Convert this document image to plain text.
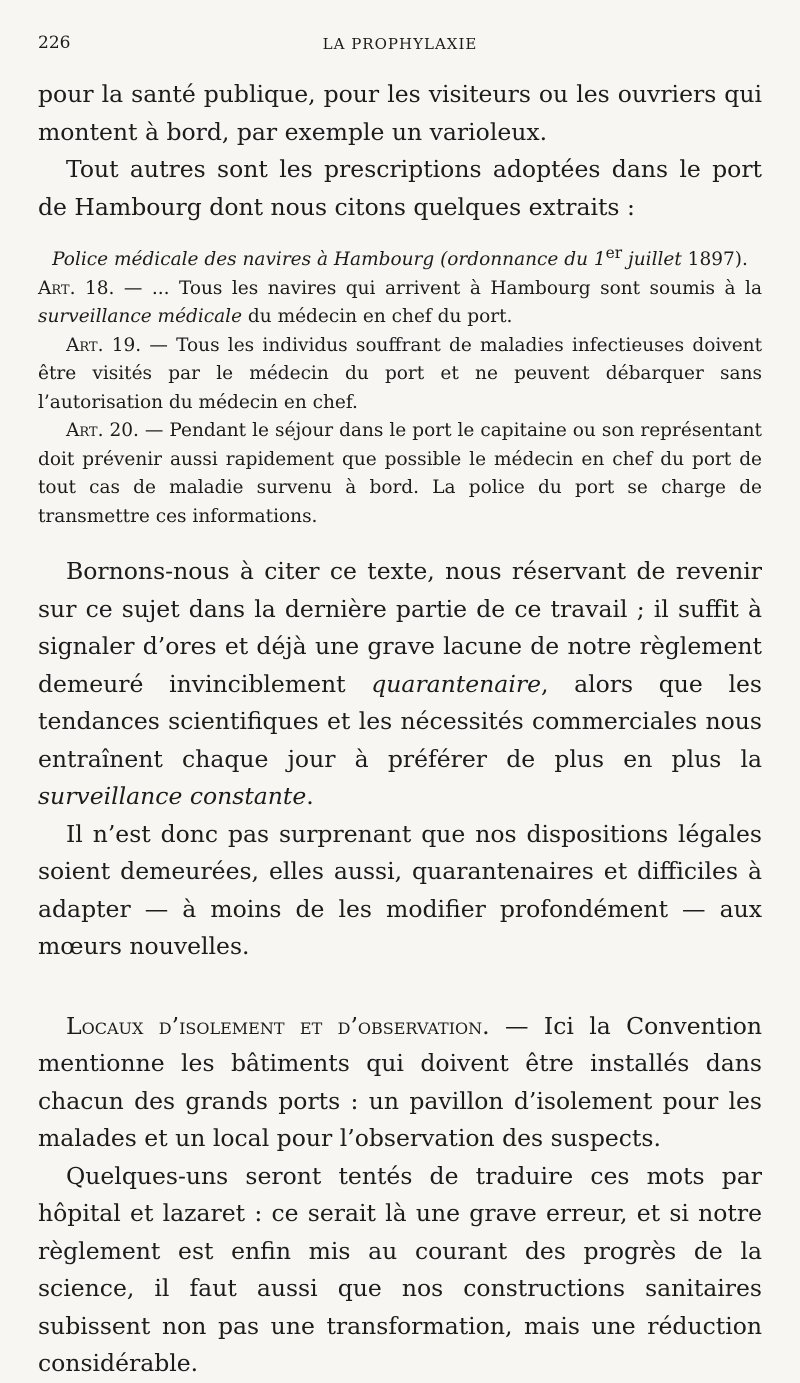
226	LA PROPHYLAXIE

pour la santé publique, pour les visiteurs ou les ouvriers qui montent à bord, par exemple un varioleux.

Tout autres sont les prescriptions adoptées dans le port de Hambourg dont nous citons quelques extraits :

Police médicale des navires à Hambourg (ordonnance du 1er juillet 1897).

Art. 18. — ... Tous les navires qui arrivent à Hambourg sont soumis à la surveillance médicale du médecin en chef du port.

Art. 19. — Tous les individus souffrant de maladies infectieuses doivent être visités par le médecin du port et ne peuvent débarquer sans l’autorisation du médecin en chef.

Art. 20. — Pendant le séjour dans le port le capitaine ou son représentant doit prévenir aussi rapidement que possible le médecin en chef du port de tout cas de maladie survenu à bord. La police du port se charge de transmettre ces informations.

Bornons-nous à citer ce texte, nous réservant de revenir sur ce sujet dans la dernière partie de ce travail ; il suffit à signaler d’ores et déjà une grave lacune de notre règlement demeuré invinciblement quarantenaire, alors que les tendances scientifiques et les nécessités commerciales nous entraînent chaque jour à préférer de plus en plus la surveillance constante.

Il n’est donc pas surprenant que nos dispositions légales soient demeurées, elles aussi, quarantenaires et difficiles à adapter — à moins de les modifier profondément — aux mœurs nouvelles.

Locaux d’isolement et d’observation. — Ici la Convention mentionne les bâtiments qui doivent être installés dans chacun des grands ports : un pavillon d’isolement pour les malades et un local pour l’observation des suspects.

Quelques-uns seront tentés de traduire ces mots par hôpital et lazaret : ce serait là une grave erreur, et si notre règlement est enfin mis au courant des progrès de la science, il faut aussi que nos constructions sanitaires subissent non pas une transformation, mais une réduction considérable.
